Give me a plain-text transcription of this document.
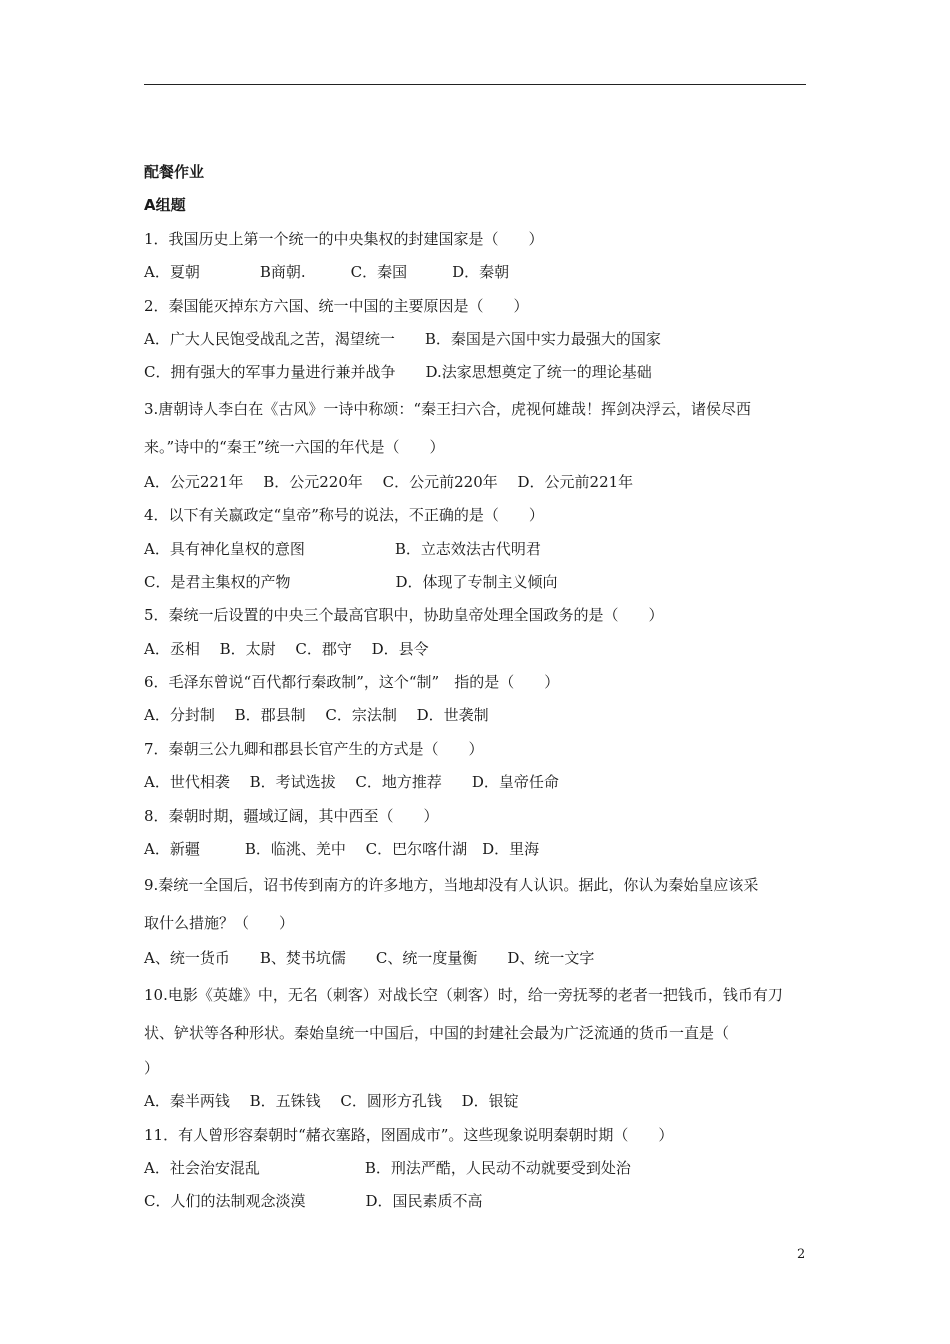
配餐作业
A组题
1．我国历史上第一个统一的中央集权的封建国家是（　　）
A．夏朝　　　　B商朝.　　　C．秦国　　　D．秦朝
2．秦国能灭掉东方六国、统一中国的主要原因是（　　）
A．广大人民饱受战乱之苦，渴望统一　　B．秦国是六国中实力最强大的国家
C．拥有强大的军事力量进行兼并战争　　D.法家思想奠定了统一的理论基础
3.唐朝诗人李白在《古风》一诗中称颂：“秦王扫六合，虎视何雄哉！挥剑决浮云，诸侯尽西
来。”诗中的“秦王”统一六国的年代是（　　）
A．公元221年　 B．公元220年　 C．公元前220年　 D．公元前221年
4．以下有关嬴政定“皇帝”称号的说法，不正确的是（　　）
A．具有神化皇权的意图　　　　　　B．立志效法古代明君
C．是君主集权的产物　　　　　　　D．体现了专制主义倾向
5．秦统一后设置的中央三个最高官职中，协助皇帝处理全国政务的是（　　）
A．丞相　 B．太尉　 C．郡守　 D．县令
6．毛泽东曾说“百代都行秦政制”，这个“制”　指的是（　　）
A．分封制　 B．郡县制　 C．宗法制　 D．世袭制
7．秦朝三公九卿和郡县长官产生的方式是（　　）
A．世代相袭　 B．考试选拔　 C．地方推荐　　D．皇帝任命
8．秦朝时期，疆域辽阔，其中西至（　　）
A．新疆　　　B．临洮、羌中　 C．巴尔喀什湖　D．里海
9.秦统一全国后，诏书传到南方的许多地方，当地却没有人认识。据此，你认为秦始皇应该采
取什么措施？（　　）
A、统一货币　　B、焚书坑儒　　C、统一度量衡　　D、统一文字
10.电影《英雄》中，无名（刺客）对战长空（刺客）时，给一旁抚琴的老者一把钱币，钱币有刀
状、铲状等各种形状。秦始皇统一中国后，中国的封建社会最为广泛流通的货币一直是（
）
A．秦半两钱　 B．五铢钱　 C．圆形方孔钱　 D．银锭
11．有人曾形容秦朝时“赭衣塞路，囹圄成市”。这些现象说明秦朝时期（　　）
A．社会治安混乱　　　　　　　B．刑法严酷，人民动不动就要受到处治
C．人们的法制观念淡漠　　　　D．国民素质不高
2
